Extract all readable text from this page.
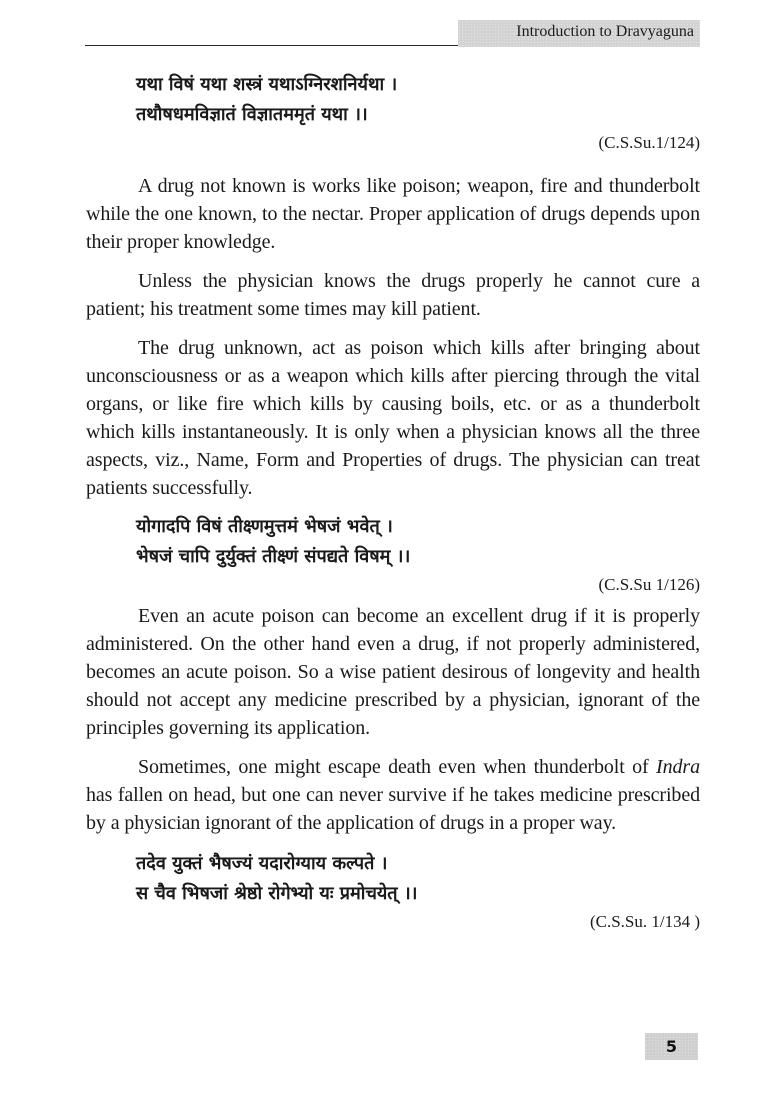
Introduction to Dravyaguna
यथा विषं यथा शस्त्रं यथाऽग्निरशनिर्यथा ।
तथौषधमविज्ञातं विज्ञातममृतं यथा ।।
(C.S.Su.1/124)

A drug not known is works like poison; weapon, fire and thunderbolt while the one known, to the nectar. Proper application of drugs depends upon their proper knowledge.

Unless the physician knows the drugs properly he cannot cure a patient; his treatment some times may kill patient.

The drug unknown, act as poison which kills after bringing about unconsciousness or as a weapon which kills after piercing through the vital organs, or like fire which kills by causing boils, etc. or as a thunderbolt which kills instantaneously. It is only when a physician knows all the three aspects, viz., Name, Form and Properties of drugs. The physician can treat patients successfully.

योगादपि विषं तीक्ष्णमुत्तमं भेषजं भवेत् ।
भेषजं चापि दुर्युक्तं तीक्ष्णं संपद्यते विषम् ।।
(C.S.Su 1/126)

Even an acute poison can become an excellent drug if it is properly administered. On the other hand even a drug, if not properly administered, becomes an acute poison. So a wise patient desirous of longevity and health should not accept any medicine prescribed by a physician, ignorant of the principles governing its application.

Sometimes, one might escape death even when thunderbolt of Indra has fallen on head, but one can never survive if he takes medicine prescribed by a physician ignorant of the application of drugs in a proper way.

तदेव युक्तं भैषज्यं यदारोग्याय कल्पते ।
स चैव भिषजां श्रेष्ठो रोगेभ्यो यः प्रमोचयेत् ।।
(C.S.Su. 1/134 )
5
